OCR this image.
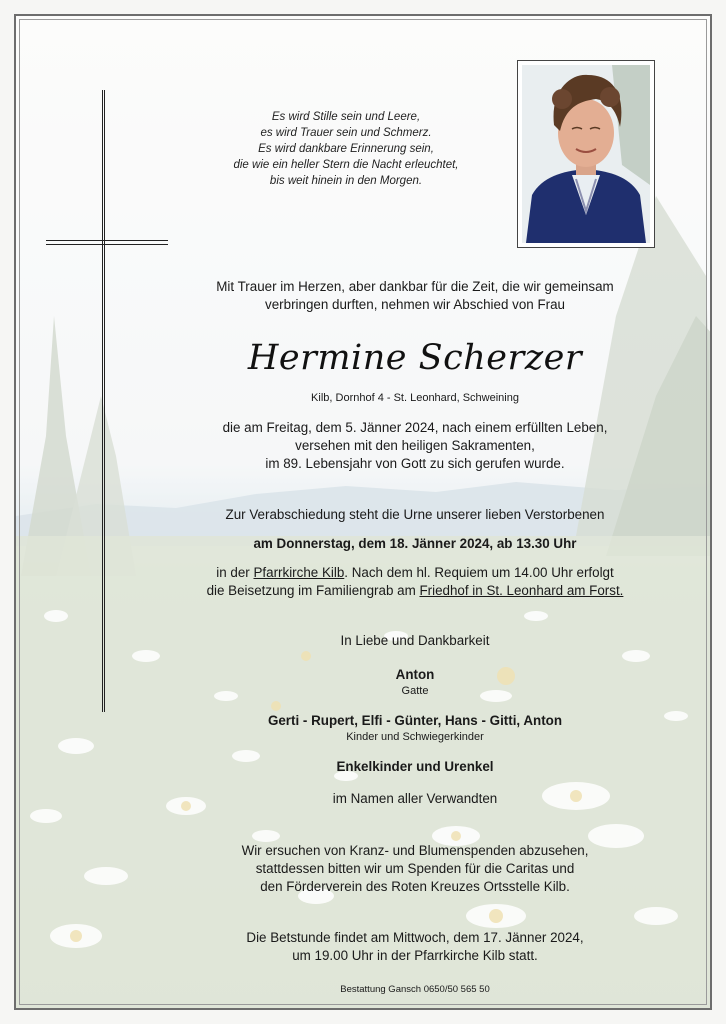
Es wird Stille sein und Leere,
es wird Trauer sein und Schmerz.
Es wird dankbare Erinnerung sein,
die wie ein heller Stern die Nacht erleuchtet,
bis weit hinein in den Morgen.
Mit Trauer im Herzen, aber dankbar für die Zeit, die wir gemeinsam
verbringen durften, nehmen wir Abschied von Frau
Hermine Scherzer
Kilb, Dornhof 4 - St. Leonhard, Schweining
die am Freitag, dem 5. Jänner 2024, nach einem erfüllten Leben,
versehen mit den heiligen Sakramenten,
im 89. Lebensjahr von Gott zu sich gerufen wurde.
Zur Verabschiedung steht die Urne unserer lieben Verstorbenen
am Donnerstag, dem 18. Jänner 2024, ab 13.30 Uhr
in der Pfarrkirche Kilb. Nach dem hl. Requiem um 14.00 Uhr erfolgt
die Beisetzung im Familiengrab am Friedhof in St. Leonhard am Forst.
In Liebe und Dankbarkeit
Anton
Gatte
Gerti - Rupert, Elfi - Günter, Hans - Gitti, Anton
Kinder und Schwiegerkinder
Enkelkinder und Urenkel
im Namen aller Verwandten
Wir ersuchen von Kranz- und Blumenspenden abzusehen,
stattdessen bitten wir um Spenden für die Caritas und
den Förderverein des Roten Kreuzes Ortsstelle Kilb.
Die Betstunde findet am Mittwoch, dem 17. Jänner 2024,
um 19.00 Uhr in der Pfarrkirche Kilb statt.
Bestattung Gansch 0650/50 565 50
